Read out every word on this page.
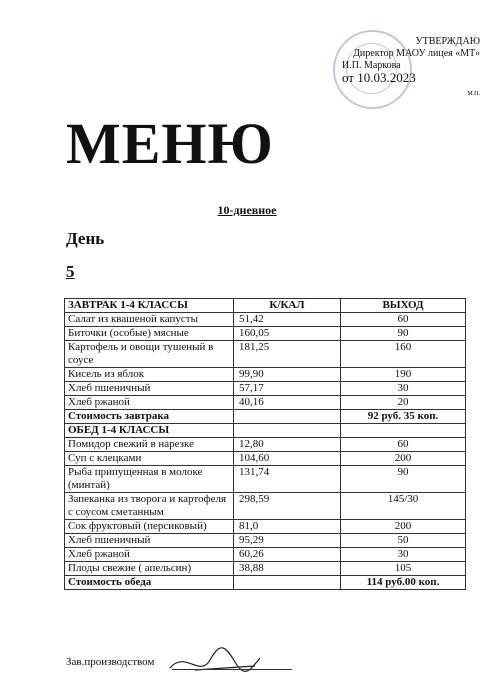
УТВЕРЖДАЮ
Директор МАОУ лицея «МТ»
И.П. Маркова
от 10.03.2023
М.П.
МЕНЮ
10-дневное
День
5
ЗАВТРАК 1-4 КЛАССЫ	К/КАЛ	ВЫХОД
Салат из квашеной капусты	51,42	60
Биточки (особые) мясные	160,05	90
Картофель и овощи тушеный в соусе	181,25	160
Кисель из яблок	99,90	190
Хлеб пшеничный	57,17	30
Хлеб ржаной	40,16	20
Стоимость завтрака		92 руб. 35 коп.
ОБЕД 1-4 КЛАССЫ		
Помидор свежий в нарезке	12,80	60
Суп с клецками	104,60	200
Рыба припущенная в молоке (минтай)	131,74	90
Запеканка из творога и картофеля с соусом сметанным	298,59	145/30
Сок фруктовый (персиковый)	81,0	200
Хлеб пшеничный	95,29	50
Хлеб ржаной	60,26	30
Плоды свежие ( апельсин)	38,88	105
Стоимость обеда		114 руб.00 коп.
Зав.производством
